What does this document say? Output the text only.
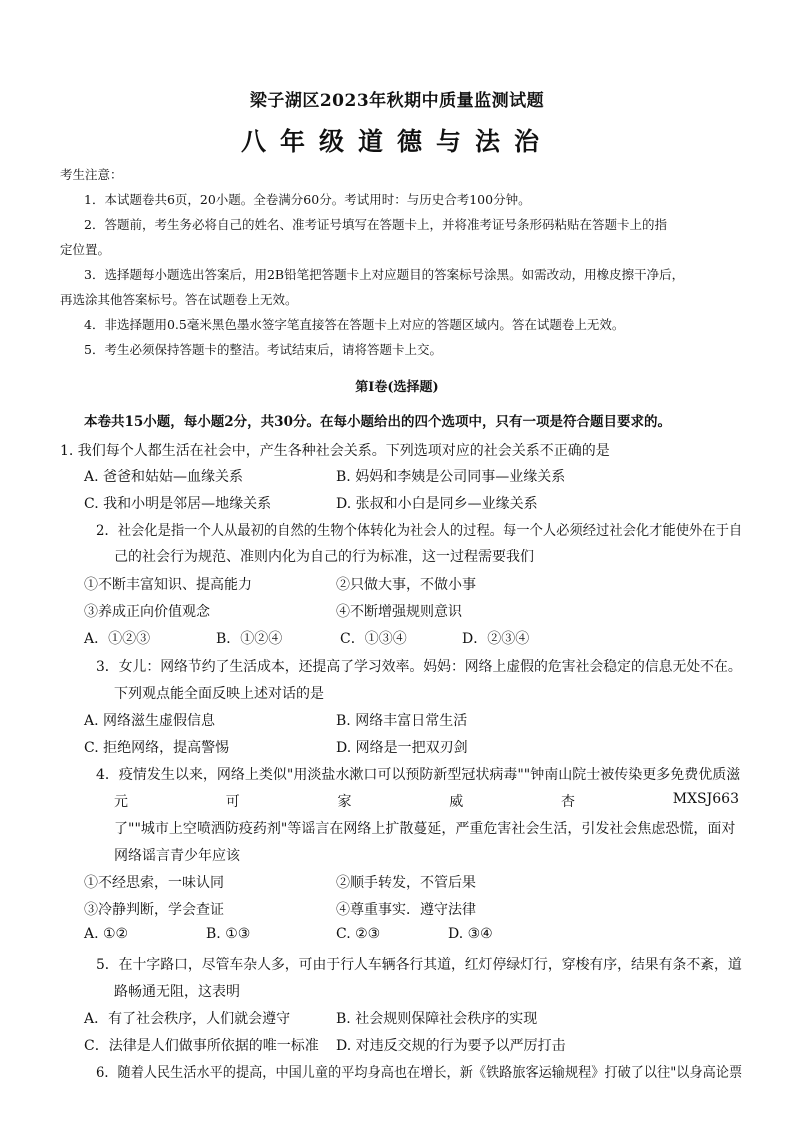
梁子湖区2023年秋期中质量监测试题
八年级道德与法治
考生注意：
1．本试题卷共6页，20小题。全卷满分60分。考试用时：与历史合考100分钟。
2．答题前，考生务必将自己的姓名、准考证号填写在答题卡上，并将准考证号条形码粘贴在答题卡上的指
定位置。
3．选择题每小题选出答案后，用2B铅笔把答题卡上对应题目的答案标号涂黑。如需改动，用橡皮擦干净后，
再选涂其他答案标号。答在试题卷上无效。
4．非选择题用0.5毫米黑色墨水签字笔直接答在答题卡上对应的答题区域内。答在试题卷上无效。
5．考生必须保持答题卡的整洁。考试结束后，请将答题卡上交。
第Ⅰ卷(选择题)
本卷共15小题，每小题2分，共30分。在每小题给出的四个选项中，只有一项是符合题目要求的。
1. 我们每个人都生活在社会中，产生各种社会关系。下列选项对应的社会关系不正确的是
A. 爸爸和姑姑—血缘关系	B. 妈妈和李姨是公司同事—业缘关系
C. 我和小明是邻居—地缘关系	D. 张叔和小白是同乡—业缘关系
2．社会化是指一个人从最初的自然的生物个体转化为社会人的过程。每一个人必须经过社会化才能使外在于自
己的社会行为规范、准则内化为自己的行为标准，这一过程需要我们
①不断丰富知识、提高能力	②只做大事，不做小事
③养成正向价值观念	④不断增强规则意识
A．①②③	B．①②④	C．①③④	D．②③④
3．女儿：网络节约了生活成本，还提高了学习效率。妈妈：网络上虚假的危害社会稳定的信息无处不在。
下列观点能全面反映上述对话的是
A. 网络滋生虚假信息	B. 网络丰富日常生活
C. 拒绝网络，提高警惕	D. 网络是一把双刃剑
4．疫情发生以来，网络上类似"用淡盐水漱口可以预防新型冠状病毒""钟南山院士被传染更多免费优质滋
元	可	家	威	杏	MXSJ663
了""城市上空喷洒防疫药剂"等谣言在网络上扩散蔓延，严重危害社会生活，引发社会焦虑恐慌，面对
网络谣言青少年应该
①不经思索，一味认同	②顺手转发，不管后果
③冷静判断，学会查证	④尊重事实．遵守法律
A. ①②	B. ①③	C. ②③	D. ③④
5．在十字路口，尽管车杂人多，可由于行人车辆各行其道，红灯停绿灯行，穿梭有序，结果有条不紊，道
路畅通无阻，这表明
A．有了社会秩序，人们就会遵守	B. 社会规则保障社会秩序的实现
C．法律是人们做事所依据的唯一标准 D. 对违反交规的行为要予以严厉打击
6．随着人民生活水平的提高，中国儿童的平均身高也在增长，新《铁路旅客运输规程》打破了以往"以身高论票
